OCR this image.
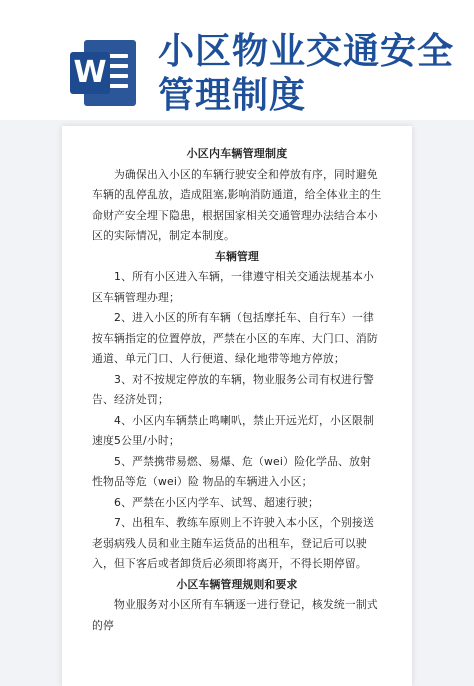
W
小区物业交通安全
管理制度

小区内车辆管理制度

为确保出入小区的车辆行驶安全和停放有序，同时避免车辆的乱停乱放，造成阻塞,影响消防通道，给全体业主的生命财产安全埋下隐患，根据国家相关交通管理办法结合本小区的实际情况，制定本制度。

车辆管理

1、所有小区进入车辆，一律遵守相关交通法规基本小区车辆管理办理；

2、进入小区的所有车辆（包括摩托车、自行车）一律按车辆指定的位置停放，严禁在小区的车库、大门口、消防通道、单元门口、人行便道、绿化地带等地方停放；

3、对不按规定停放的车辆，物业服务公司有权进行警告、经济处罚；

4、小区内车辆禁止鸣喇叭，禁止开远光灯，小区限制速度5公里/小时；

5、严禁携带易燃、易爆、危（wei）险化学品、放射性物品等危（wei）险 物品的车辆进入小区；

6、严禁在小区内学车、试驾、超速行驶；

7、出租车、教练车原则上不许驶入本小区，个别接送老弱病残人员和业主随车运货品的出租车，登记后可以驶入，但下客后或者卸货后必须即将离开，不得长期停留。

小区车辆管理规则和要求

物业服务对小区所有车辆逐一进行登记，核发统一制式的停
